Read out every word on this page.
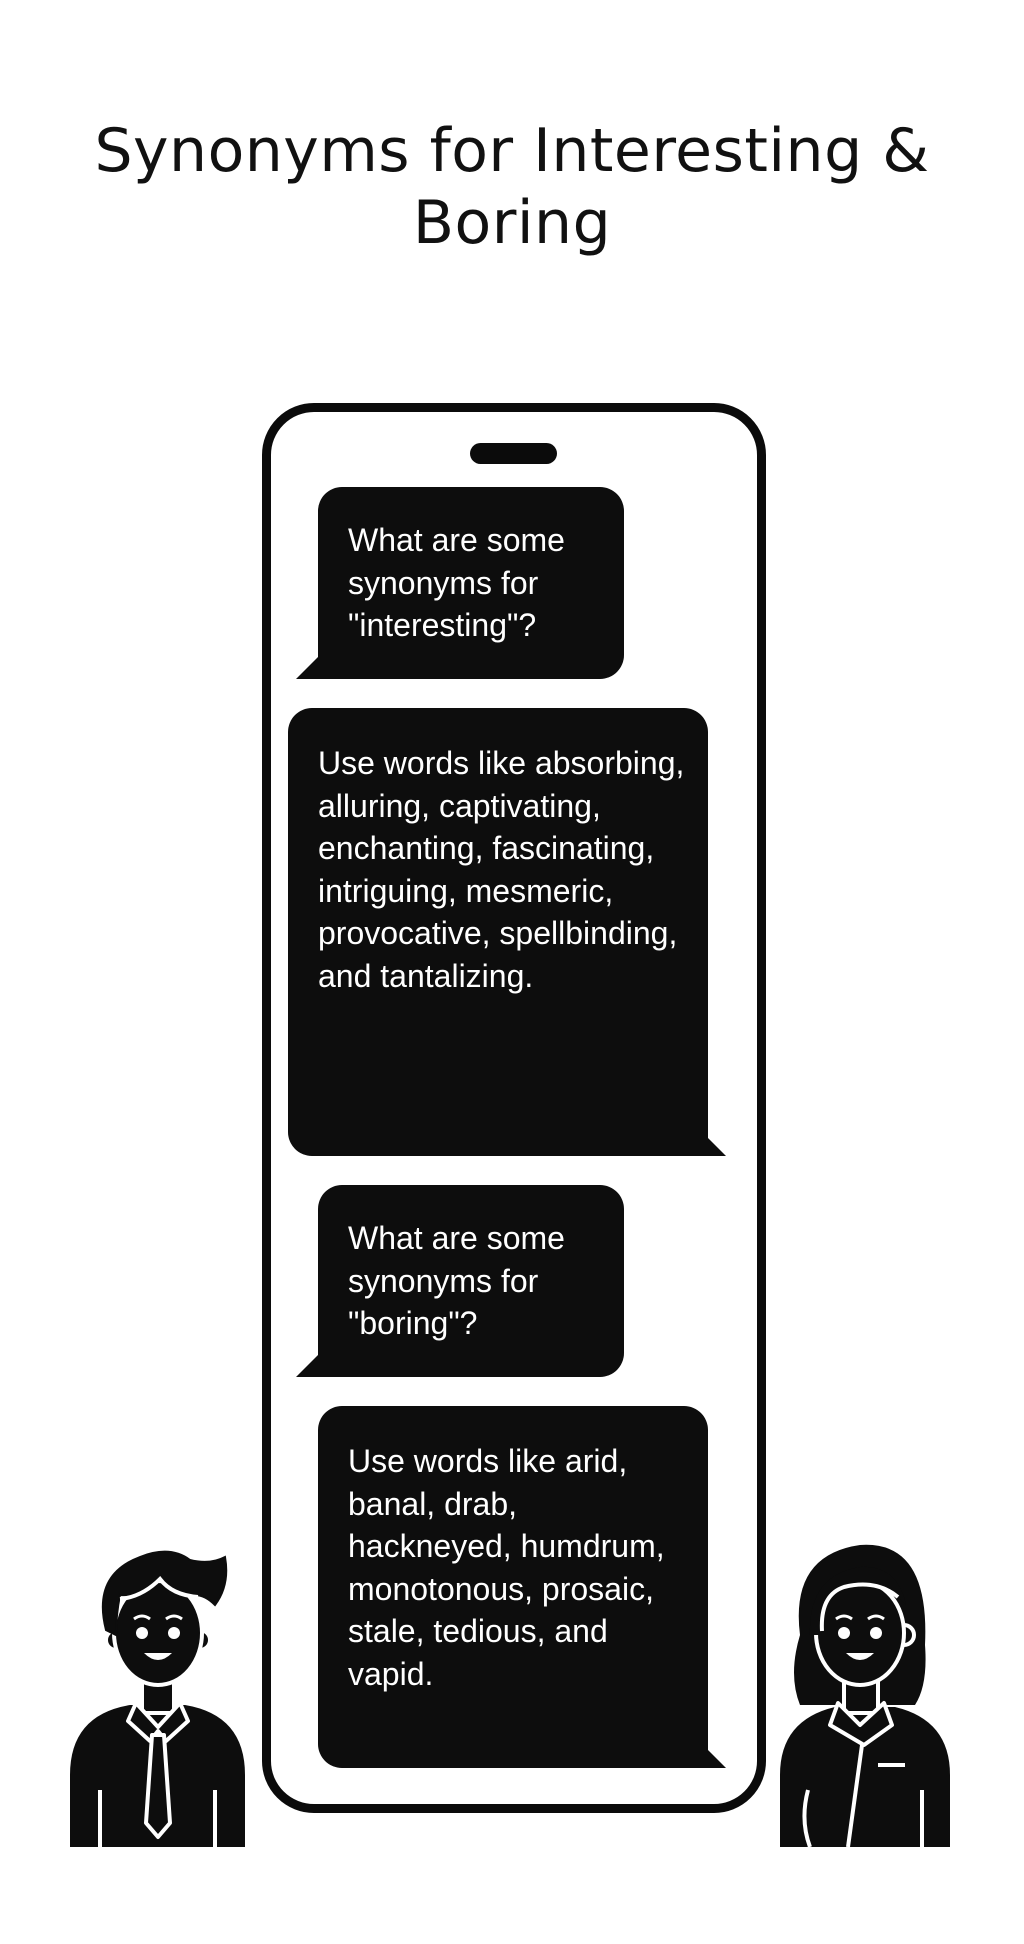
Synonyms for Interesting & Boring

What are some synonyms for "interesting"?

Use words like absorbing, alluring, captivating, enchanting, fascinating, intriguing, mesmeric, provocative, spellbinding, and tantalizing.

What are some synonyms for "boring"?

Use words like arid, banal, drab, hackneyed, humdrum, monotonous, prosaic, stale, tedious, and vapid.
